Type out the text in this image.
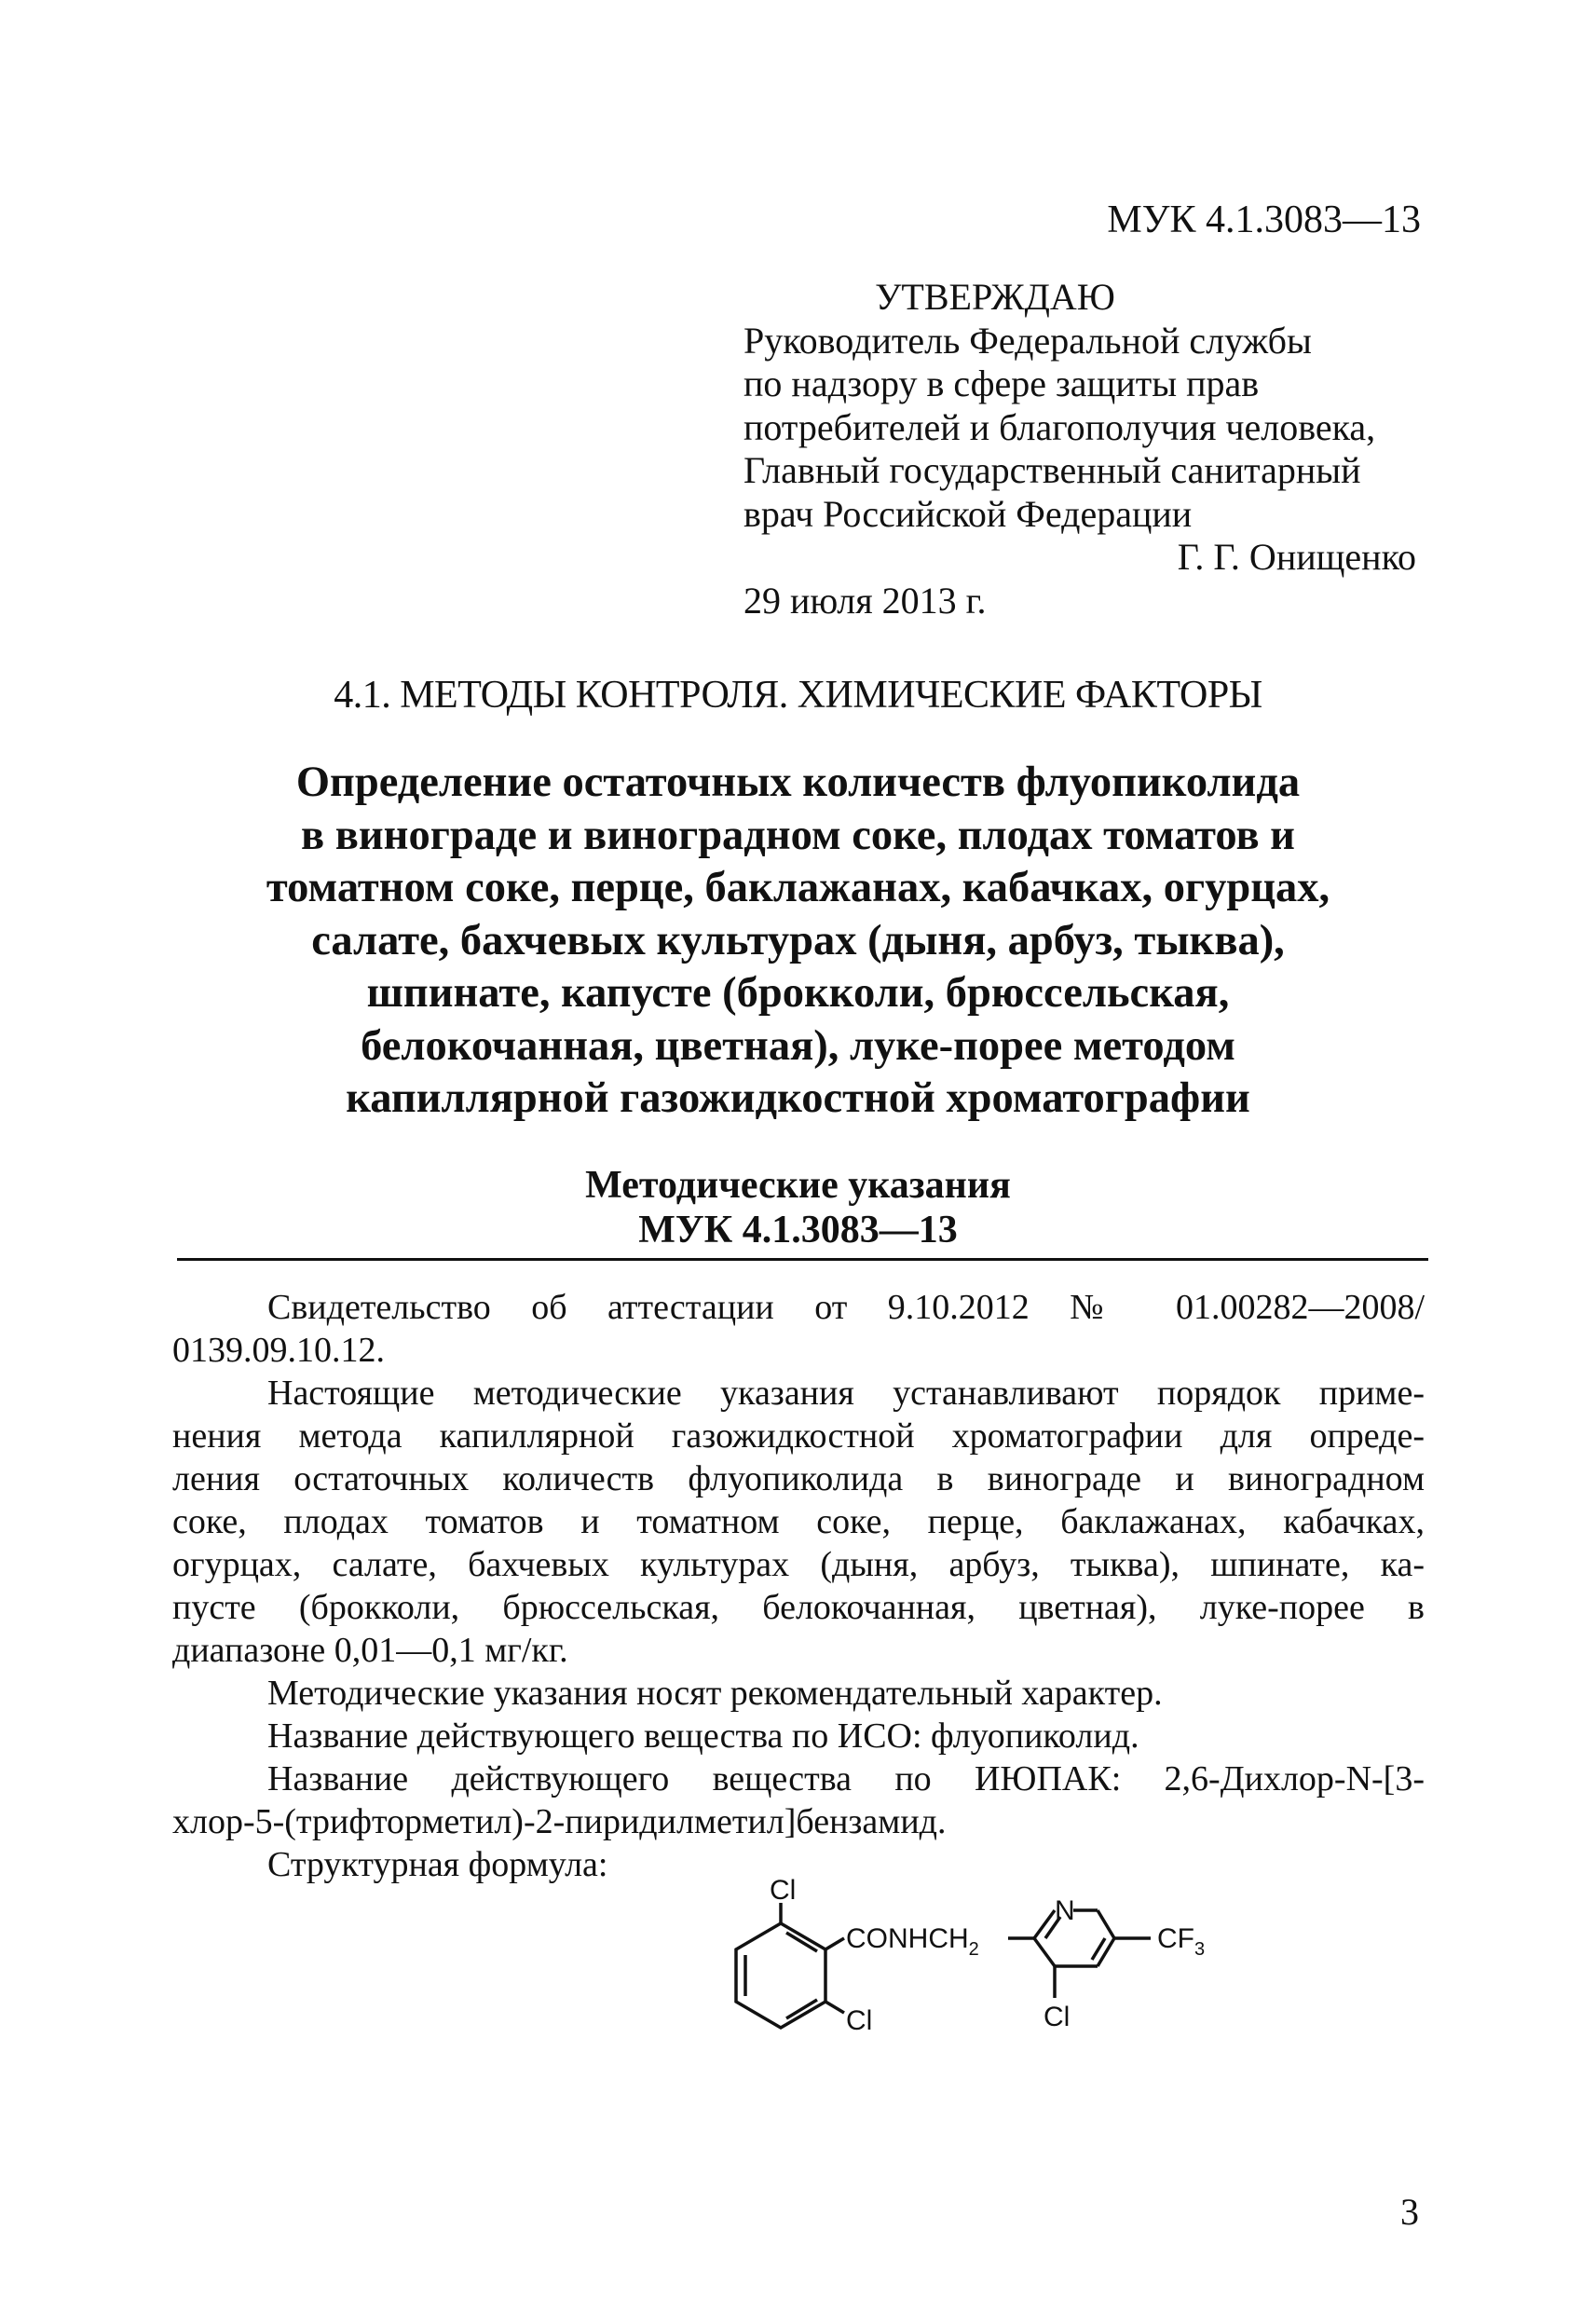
МУК 4.1.3083—13
УТВЕРЖДАЮ
Руководитель Федеральной службы
по надзору в сфере защиты прав
потребителей и благополучия человека,
Главный государственный санитарный
врач Российской Федерации
Г. Г. Онищенко
29 июля 2013 г.
4.1. МЕТОДЫ КОНТРОЛЯ. ХИМИЧЕСКИЕ ФАКТОРЫ
Определение остаточных количеств флуопиколида
в винограде и виноградном соке, плодах томатов и
томатном соке, перце, баклажанах, кабачках, огурцах,
салате, бахчевых культурах (дыня, арбуз, тыква),
шпинате, капусте (брокколи, брюссельская,
белокочанная, цветная), луке-порее методом
капиллярной газожидкостной хроматографии
Методические указания
МУК 4.1.3083—13
Свидетельство об аттестации от 9.10.2012 № 01.00282—2008/
0139.09.10.12.
Настоящие методические указания устанавливают порядок приме-
нения метода капиллярной газожидкостной хроматографии для опреде-
ления остаточных количеств флуопиколида в винограде и виноградном
соке, плодах томатов и томатном соке, перце, баклажанах, кабачках,
огурцах, салате, бахчевых культурах (дыня, арбуз, тыква), шпинате, ка-
пусте (брокколи, брюссельская, белокочанная, цветная), луке-порее в
диапазоне 0,01—0,1 мг/кг.
Методические указания носят рекомендательный характер.
Название действующего вещества по ИСО: флуопиколид.
Название действующего вещества по ИЮПАК: 2,6-Дихлор-N-[3-
хлор-5-(трифторметил)-2-пиридилметил]бензамид.
Структурная формула:
Cl
Cl
$CONHCH_2$
N
$CF_3$
Cl
3
